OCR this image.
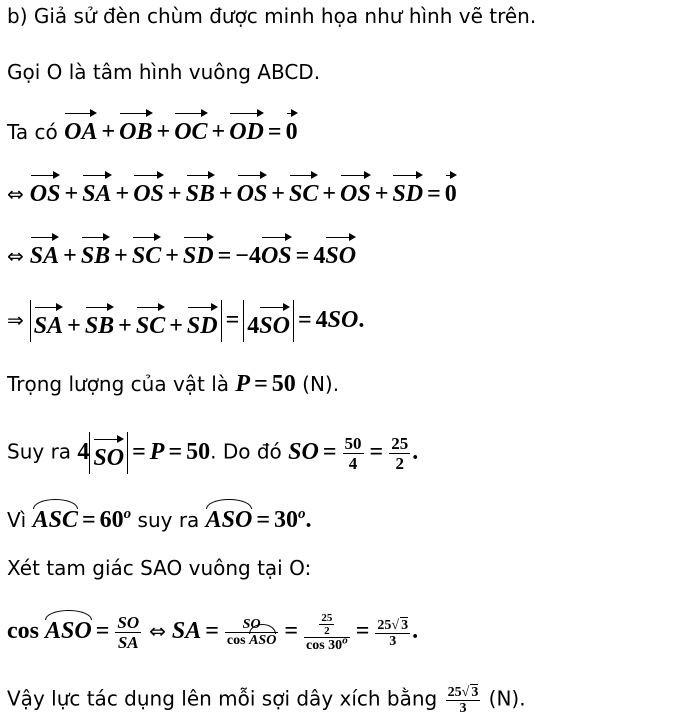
b) Giả sử đèn chùm được minh họa như hình vẽ trên.
Gọi O là tâm hình vuông ABCD.
Ta có OA + OB + OC + OD = 0
⇔ OS + SA + OS + SB + OS + SC + OS + SD = 0
⇔ SA + SB + SC + SD = −4OS = 4SO
⇒ SA + SB + SC + SD = 4SO = 4SO.
Trọng lượng của vật là P = 50 (N).
Suy ra 4 SO = P = 50. Do đó SO = $\frac{50}{4} = \frac{25}{2}$ .
Vì ASC = $60^o$ suy ra ASO = $30^o$.
Xét tam giác SAO vuông tại O:
cos ASO = $\frac{SO}{SA}$ ⇔ SA = $\frac{SO}{\text{cos ASO}} = \frac{\frac{25}{2}}{\cos 30^o} = \frac{25√ 3}{3}$ .
Vậy lực tác dụng lên mỗi sợi dây xích bằng $\frac{25√ 3}{3} (N)$.
